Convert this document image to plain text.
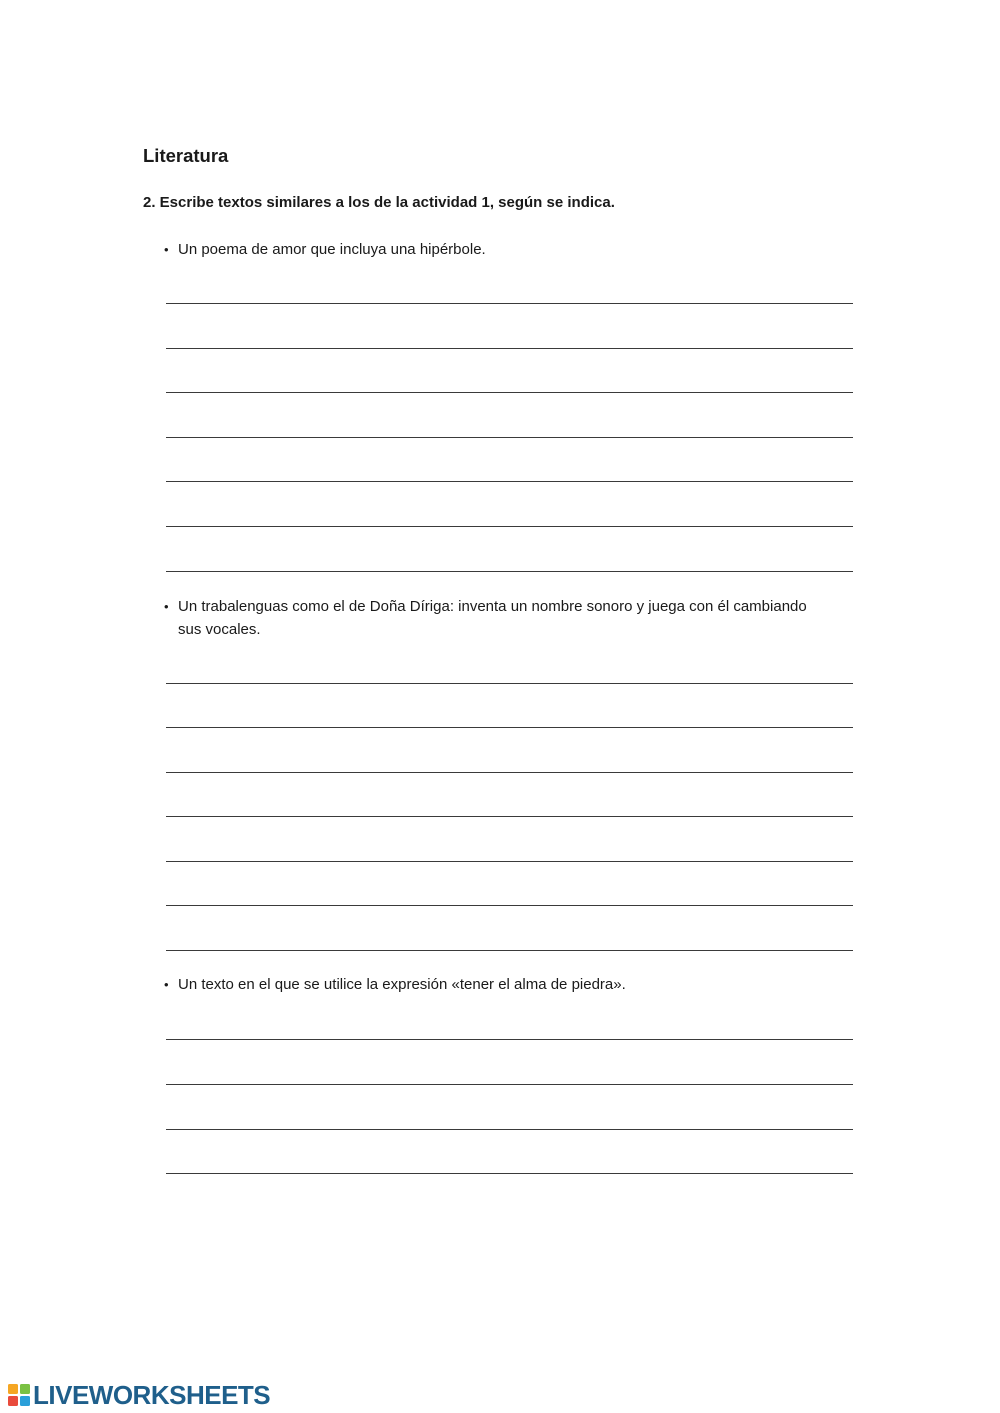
Literatura

2. Escribe textos similares a los de la actividad 1, según se indica.

• Un poema de amor que incluya una hipérbole.

• Un trabalenguas como el de Doña Díriga: inventa un nombre sonoro y juega con él cambiando sus vocales.

• Un texto en el que se utilice la expresión «tener el alma de piedra».

LIVEWORKSHEETS
